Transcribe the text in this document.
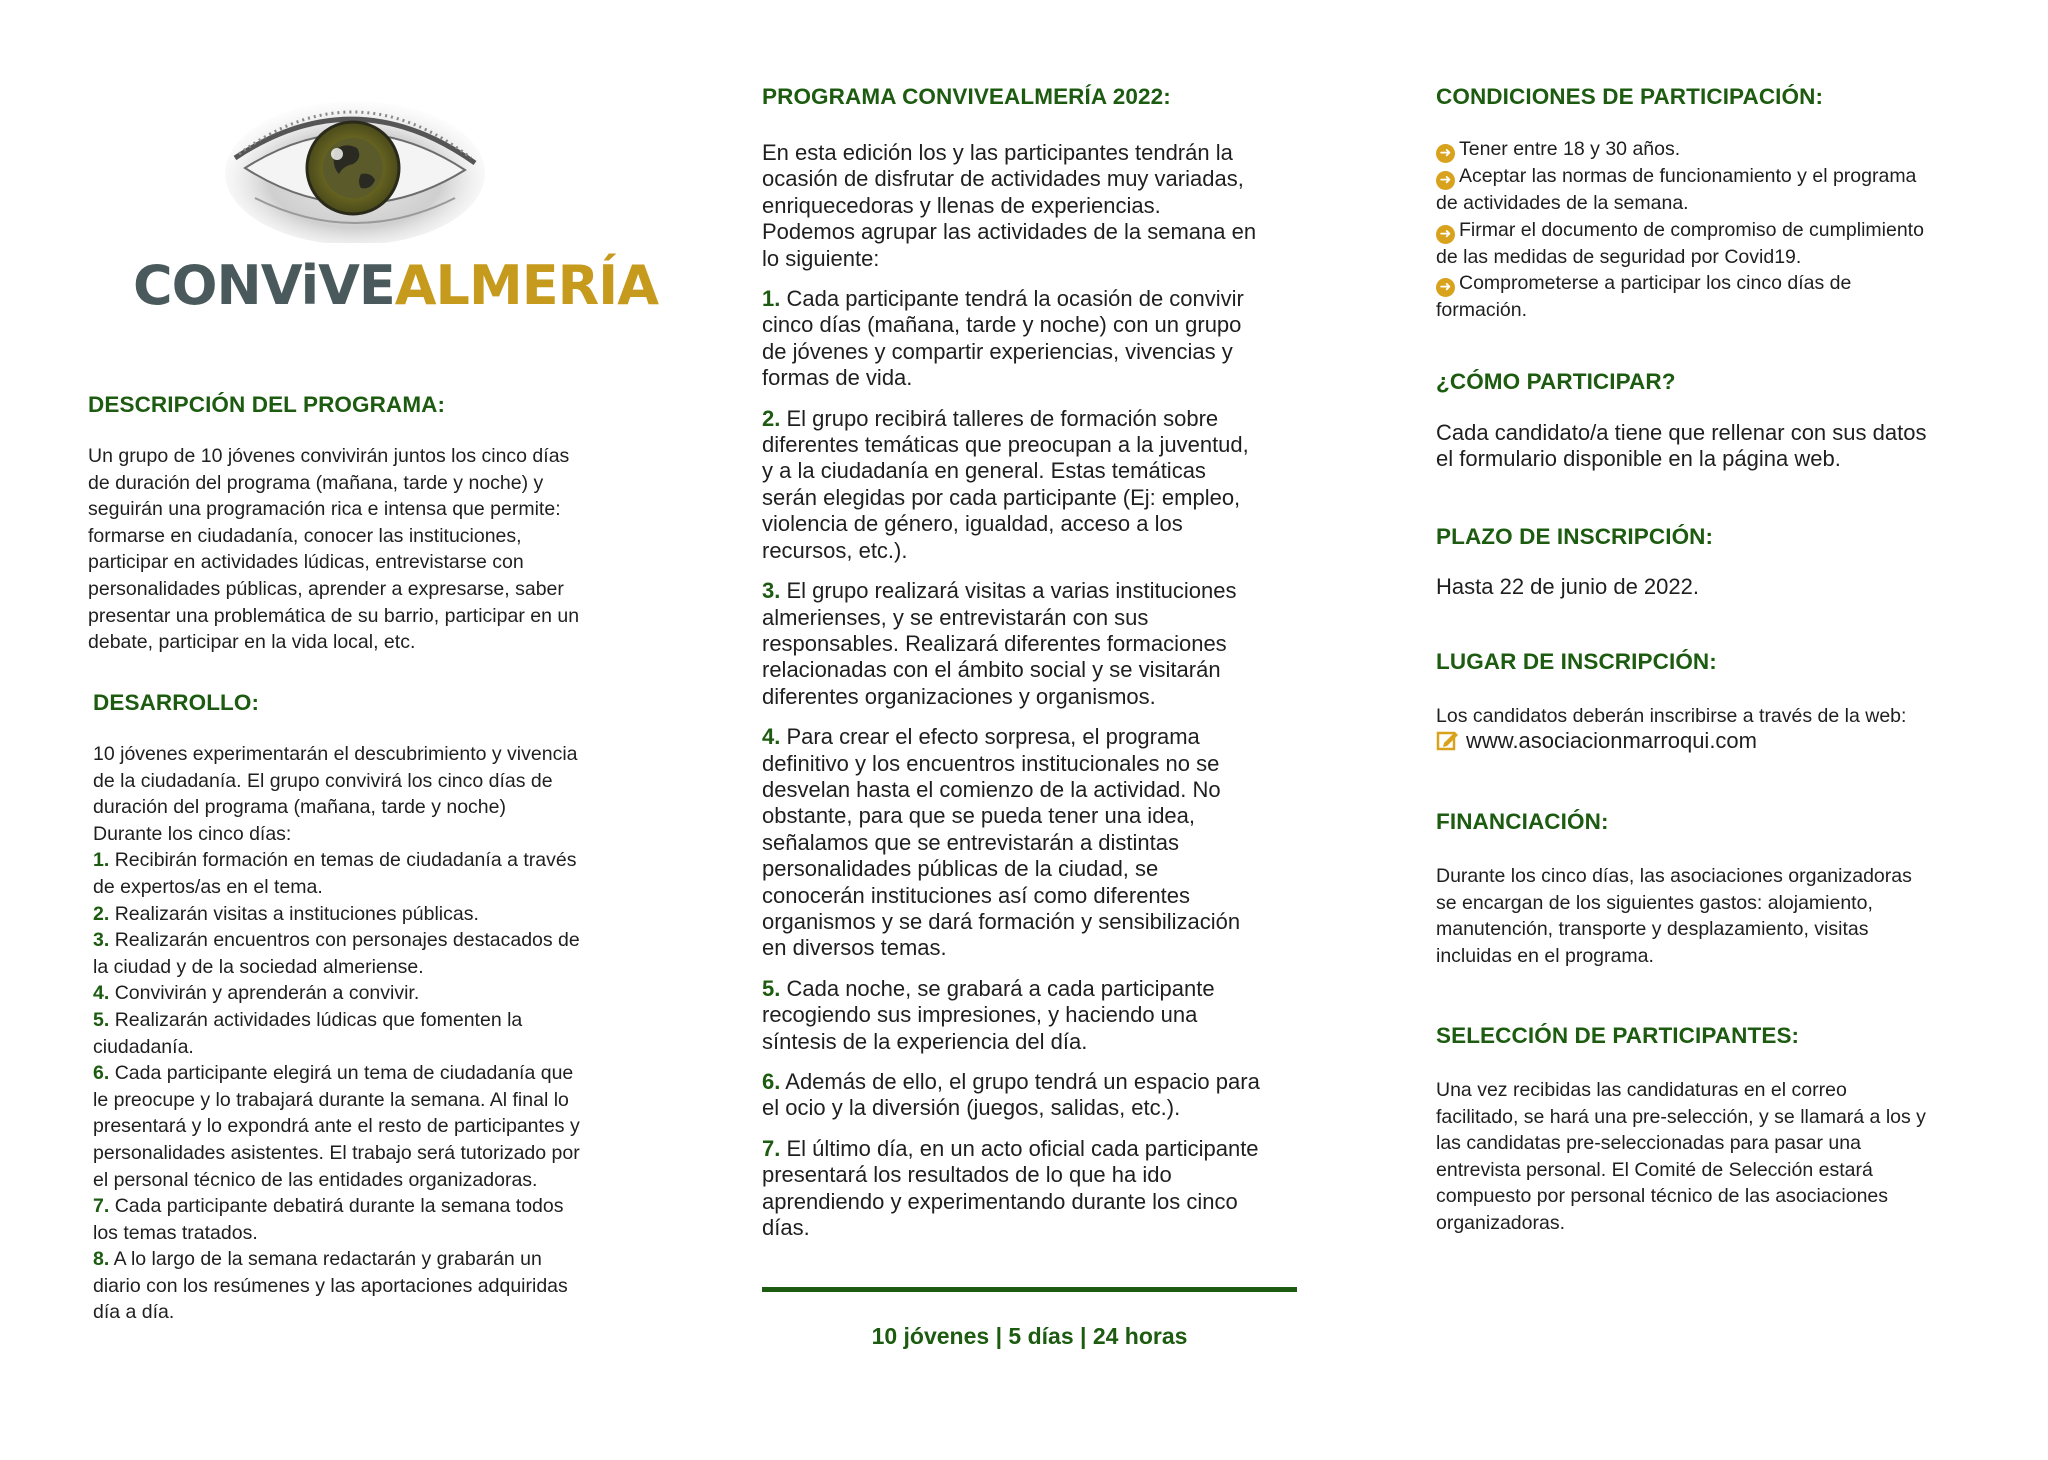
CONViVEALMERÍA
DESCRIPCIÓN DEL PROGRAMA:
Un grupo de 10 jóvenes convivirán juntos los cinco días
de duración del programa (mañana, tarde y noche) y
seguirán una programación rica e intensa que permite:
formarse en ciudadanía, conocer las instituciones,
participar en actividades lúdicas, entrevistarse con
personalidades públicas, aprender a expresarse, saber
presentar una problemática de su barrio, participar en un
debate, participar en la vida local, etc.
DESARROLLO:
10 jóvenes experimentarán el descubrimiento y vivencia
de la ciudadanía. El grupo convivirá los cinco días de
duración del programa (mañana, tarde y noche)
Durante los cinco días:
1. Recibirán formación en temas de ciudadanía a través
de expertos/as en el tema.
2. Realizarán visitas a instituciones públicas.
3. Realizarán encuentros con personajes destacados de
la ciudad y de la sociedad almeriense.
4. Convivirán y aprenderán a convivir.
5. Realizarán actividades lúdicas que fomenten la
ciudadanía.
6. Cada participante elegirá un tema de ciudadanía que
le preocupe y lo trabajará durante la semana. Al final lo
presentará y lo expondrá ante el resto de participantes y
personalidades asistentes. El trabajo será tutorizado por
el personal técnico de las entidades organizadoras.
7. Cada participante debatirá durante la semana todos
los temas tratados.
8. A lo largo de la semana redactarán y grabarán un
diario con los resúmenes y las aportaciones adquiridas
día a día.
PROGRAMA CONVIVEALMERÍA 2022:
En esta edición los y las participantes tendrán la
ocasión de disfrutar de actividades muy variadas,
enriquecedoras y llenas de experiencias.
Podemos agrupar las actividades de la semana en
lo siguiente:
1. Cada participante tendrá la ocasión de convivir
cinco días (mañana, tarde y noche) con un grupo
de jóvenes y compartir experiencias, vivencias y
formas de vida.
2. El grupo recibirá talleres de formación sobre
diferentes temáticas que preocupan a la juventud,
y a la ciudadanía en general. Estas temáticas
serán elegidas por cada participante (Ej: empleo,
violencia de género, igualdad, acceso a los
recursos, etc.).
3. El grupo realizará visitas a varias instituciones
almerienses, y se entrevistarán con sus
responsables. Realizará diferentes formaciones
relacionadas con el ámbito social y se visitarán
diferentes organizaciones y organismos.
4. Para crear el efecto sorpresa, el programa
definitivo y los encuentros institucionales no se
desvelan hasta el comienzo de la actividad. No
obstante, para que se pueda tener una idea,
señalamos que se entrevistarán a distintas
personalidades públicas de la ciudad, se
conocerán instituciones así como diferentes
organismos y se dará formación y sensibilización
en diversos temas.
5. Cada noche, se grabará a cada participante
recogiendo sus impresiones, y haciendo una
síntesis de la experiencia del día.
6. Además de ello, el grupo tendrá un espacio para
el ocio y la diversión (juegos, salidas, etc.).
7. El último día, en un acto oficial cada participante
presentará los resultados de lo que ha ido
aprendiendo y experimentando durante los cinco
días.
10 jóvenes | 5 días | 24 horas
CONDICIONES DE PARTICIPACIÓN:
➜ Tener entre 18 y 30 años.
➜ Aceptar las normas de funcionamiento y el programa
de actividades de la semana.
➜ Firmar el documento de compromiso de cumplimiento
de las medidas de seguridad por Covid19.
➜ Comprometerse a participar los cinco días de
formación.
¿CÓMO PARTICIPAR?
Cada candidato/a tiene que rellenar con sus datos
el formulario disponible en la página web.
PLAZO DE INSCRIPCIÓN:
Hasta 22 de junio de 2022.
LUGAR DE INSCRIPCIÓN:
Los candidatos deberán inscribirse a través de la web:
www.asociacionmarroqui.com
FINANCIACIÓN:
Durante los cinco días, las asociaciones organizadoras
se encargan de los siguientes gastos: alojamiento,
manutención, transporte y desplazamiento, visitas
incluidas en el programa.
SELECCIÓN DE PARTICIPANTES:
Una vez recibidas las candidaturas en el correo
facilitado, se hará una pre-selección, y se llamará a los y
las candidatas pre-seleccionadas para pasar una
entrevista personal. El Comité de Selección estará
compuesto por personal técnico de las asociaciones
organizadoras.
